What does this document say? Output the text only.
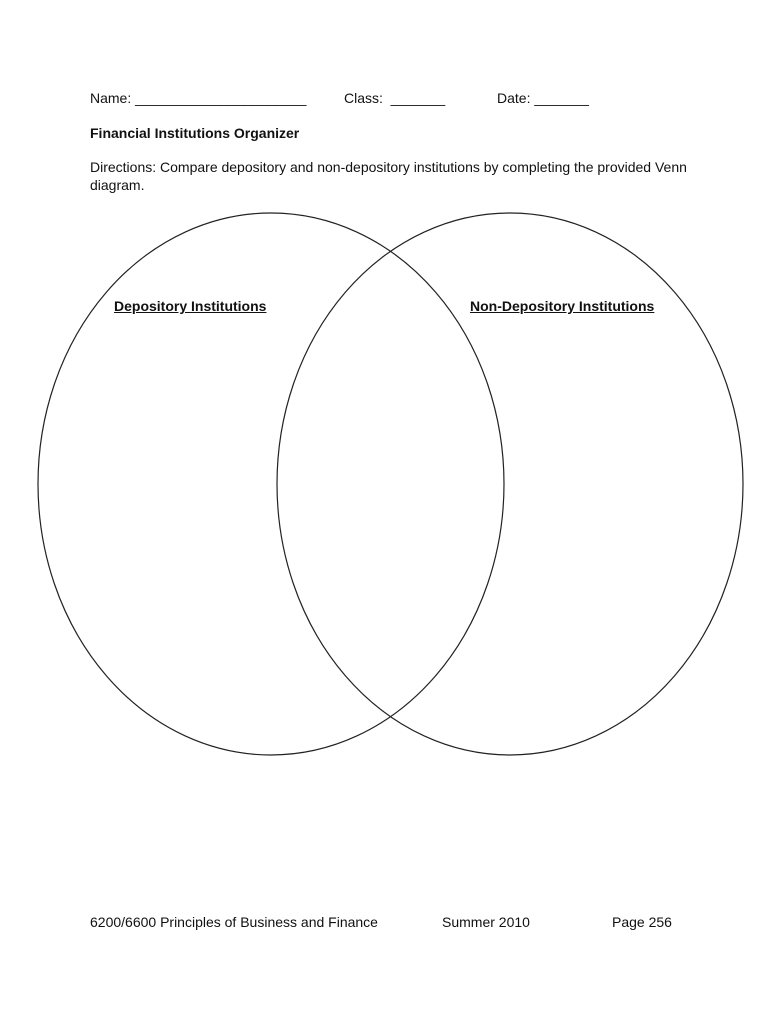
Name: ______________________

	Class:  _______

	Date: _______

Financial Institutions Organizer
Directions: Compare depository and non-depository institutions by completing the provided Venn diagram.
Depository Institutions	Non-Depository Institutions
6200/6600 Principles of Business and Finance	Summer 2010	Page 256
